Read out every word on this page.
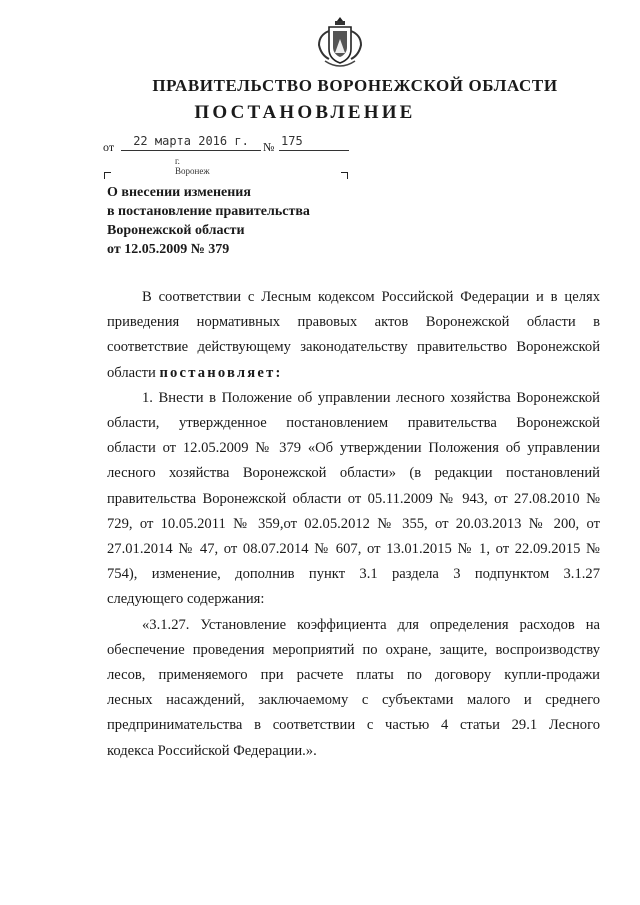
ПРАВИТЕЛЬСТВО ВОРОНЕЖСКОЙ ОБЛАСТИ
ПОСТАНОВЛЕНИЕ
от	22 марта 2016 г.	№ 175
г. Воронеж
О внесении изменения
в постановление правительства
Воронежской области
от 12.05.2009 № 379
В соответствии с Лесным кодексом Российской Федерации и в целях
приведения нормативных правовых актов Воронежской области в
соответствие действующему законодательству правительство Воронежской
области постановляет:
1. Внести в Положение об управлении лесного хозяйства Воронежской
области, утвержденное постановлением правительства Воронежской
области от 12.05.2009 № 379 «Об утверждении Положения об управлении
лесного хозяйства Воронежской области» (в редакции постановлений
правительства Воронежской области от 05.11.2009 № 943, от 27.08.2010 №
729, от 10.05.2011 № 359,от 02.05.2012 № 355, от 20.03.2013 № 200, от
27.01.2014 № 47, от 08.07.2014 № 607, от 13.01.2015 № 1, от 22.09.2015 №
754), изменение, дополнив пункт 3.1 раздела 3 подпунктом 3.1.27
следующего содержания:
«3.1.27. Установление коэффициента для определения расходов на
обеспечение проведения мероприятий по охране, защите, воспроизводству
лесов, применяемого при расчете платы по договору купли-продажи
лесных насаждений, заключаемому с субъектами малого и среднего
предпринимательства в соответствии с частью 4 статьи 29.1 Лесного
кодекса Российской Федерации.».
